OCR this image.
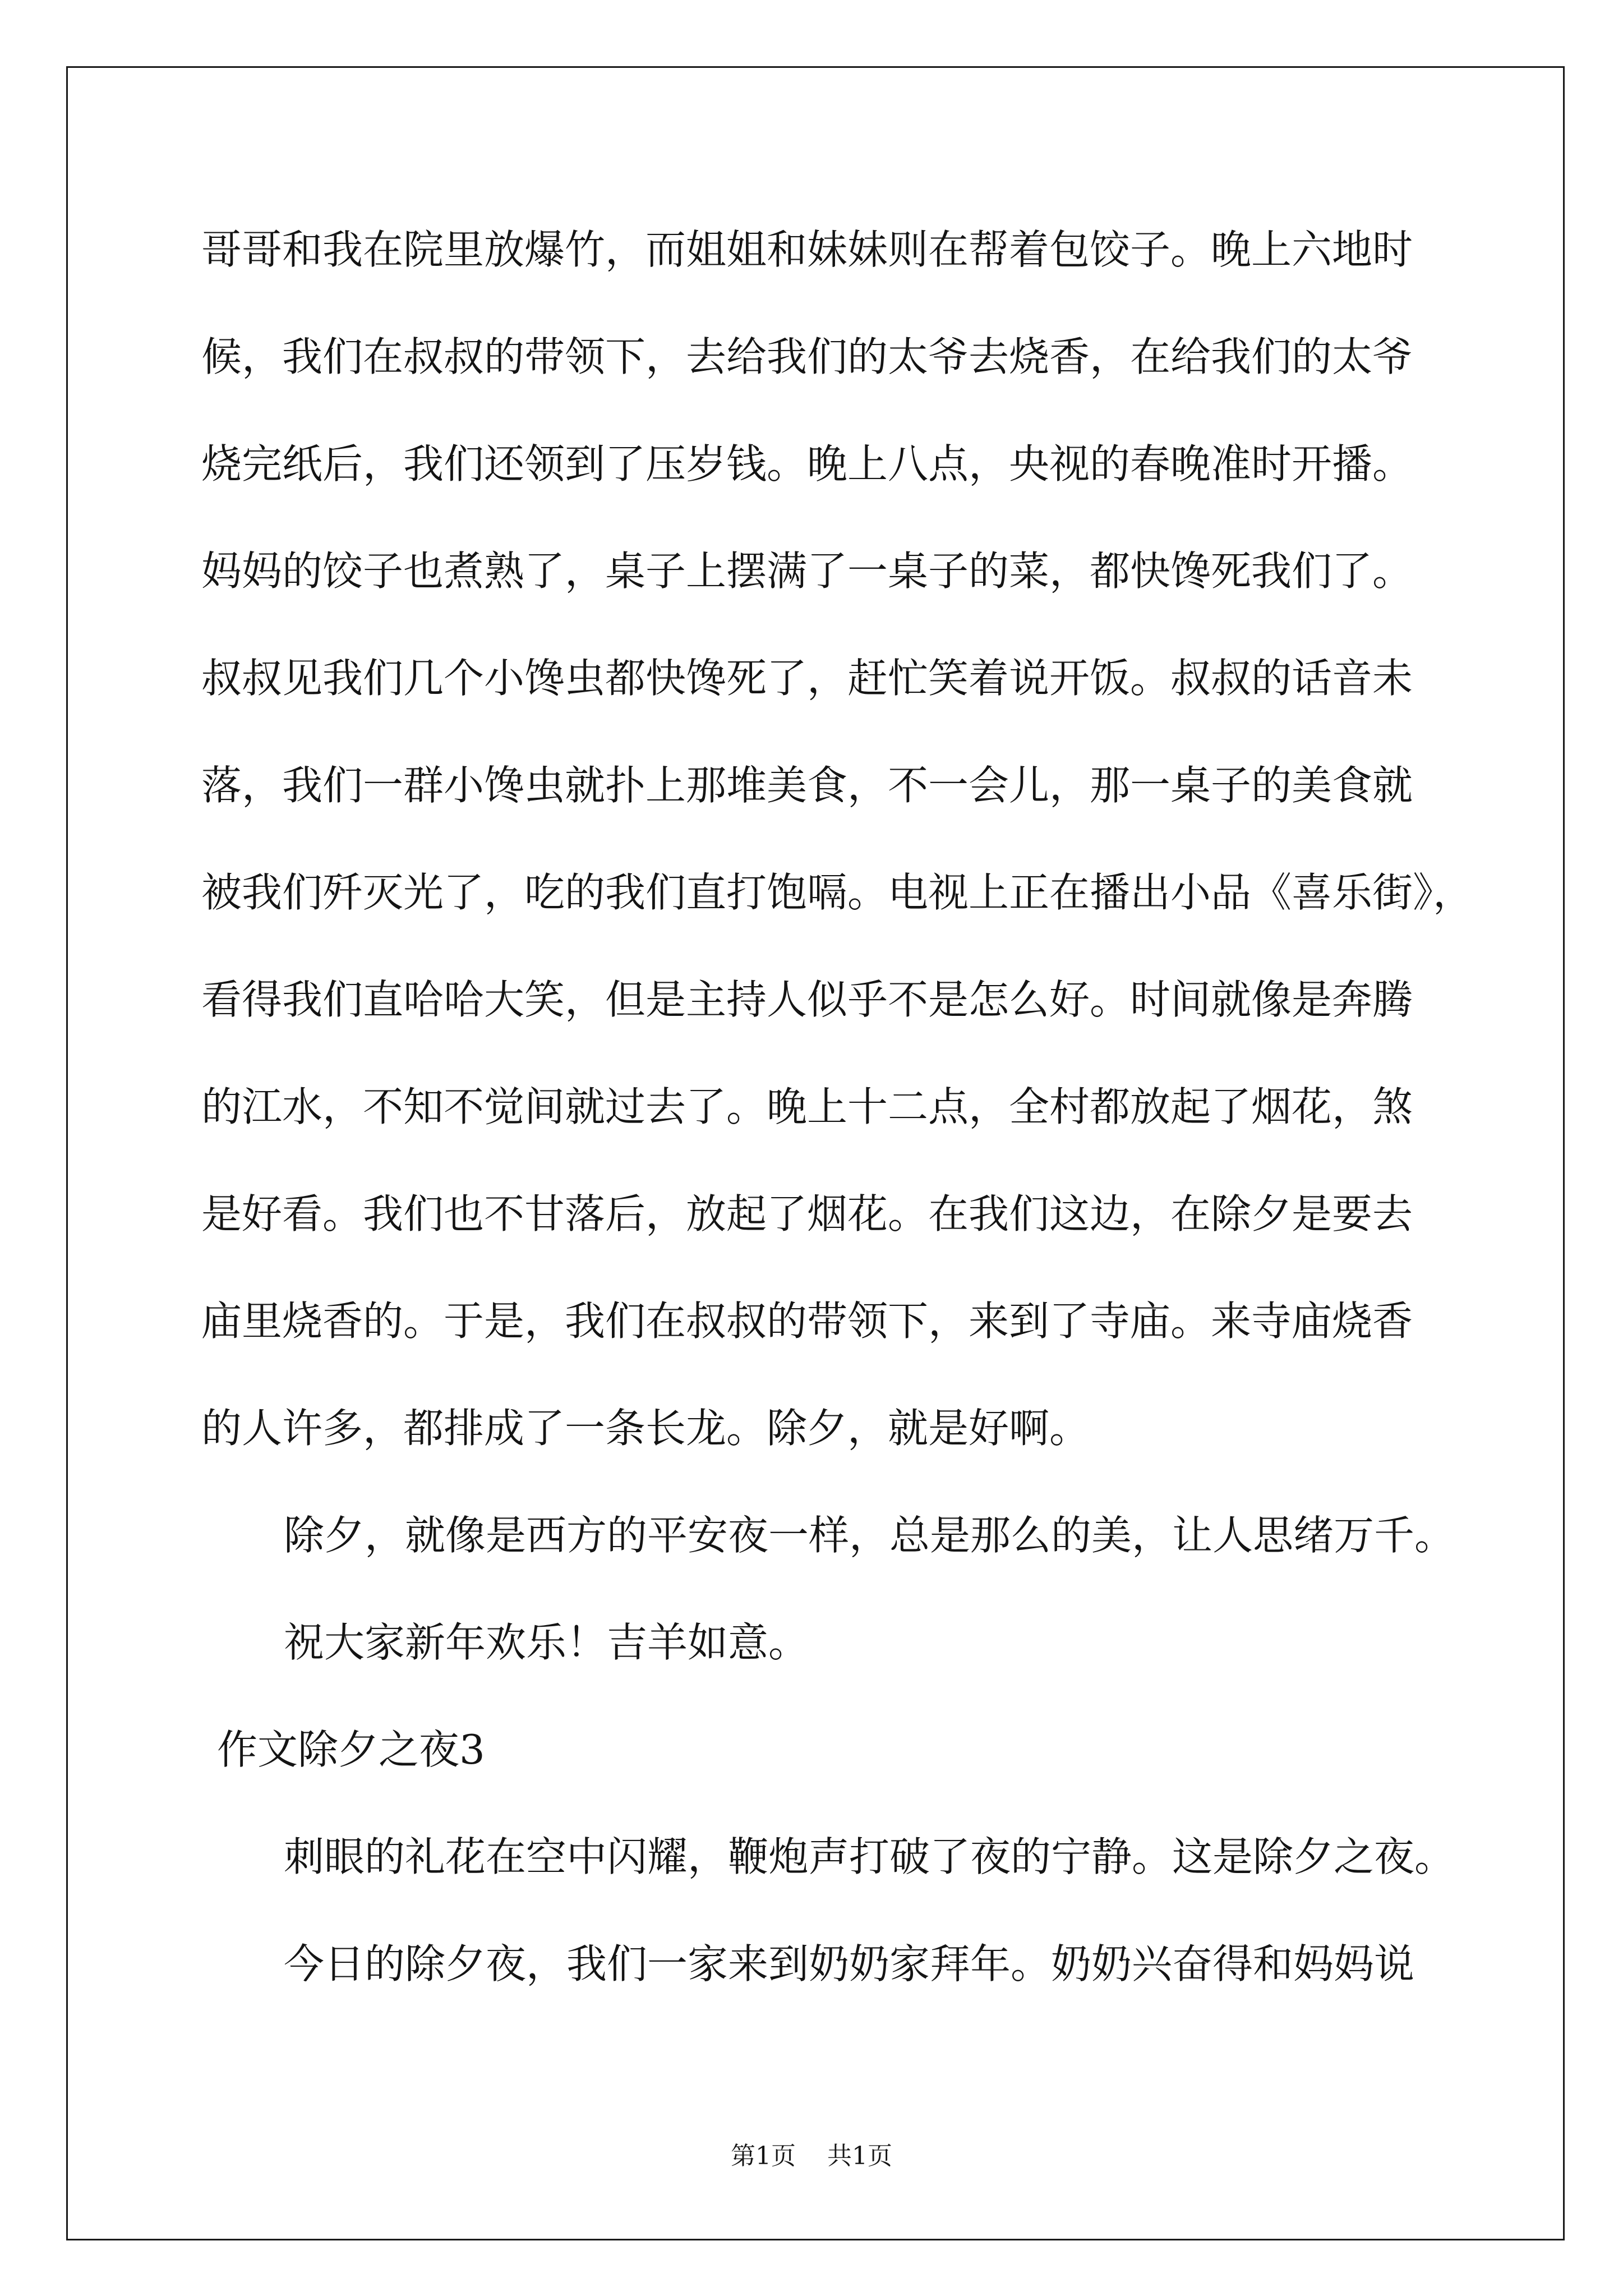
哥哥和我在院里放爆竹，而姐姐和妹妹则在帮着包饺子。晚上六地时
候，我们在叔叔的带领下，去给我们的太爷去烧香，在给我们的太爷
烧完纸后，我们还领到了压岁钱。晚上八点，央视的春晚准时开播。
妈妈的饺子也煮熟了，桌子上摆满了一桌子的菜，都快馋死我们了。
叔叔见我们几个小馋虫都快馋死了，赶忙笑着说开饭。叔叔的话音未
落，我们一群小馋虫就扑上那堆美食，不一会儿，那一桌子的美食就
被我们歼灭光了，吃的我们直打饱嗝。电视上正在播出小品《喜乐街》，
看得我们直哈哈大笑，但是主持人似乎不是怎么好。时间就像是奔腾
的江水，不知不觉间就过去了。晚上十二点，全村都放起了烟花，煞
是好看。我们也不甘落后，放起了烟花。在我们这边，在除夕是要去
庙里烧香的。于是，我们在叔叔的带领下，来到了寺庙。来寺庙烧香
的人许多，都排成了一条长龙。除夕，就是好啊。
除夕，就像是西方的平安夜一样，总是那么的美，让人思绪万千。
祝大家新年欢乐！吉羊如意。
作文除夕之夜3
刺眼的礼花在空中闪耀，鞭炮声打破了夜的宁静。这是除夕之夜。
今日的除夕夜，我们一家来到奶奶家拜年。奶奶兴奋得和妈妈说
第1页 共1页
